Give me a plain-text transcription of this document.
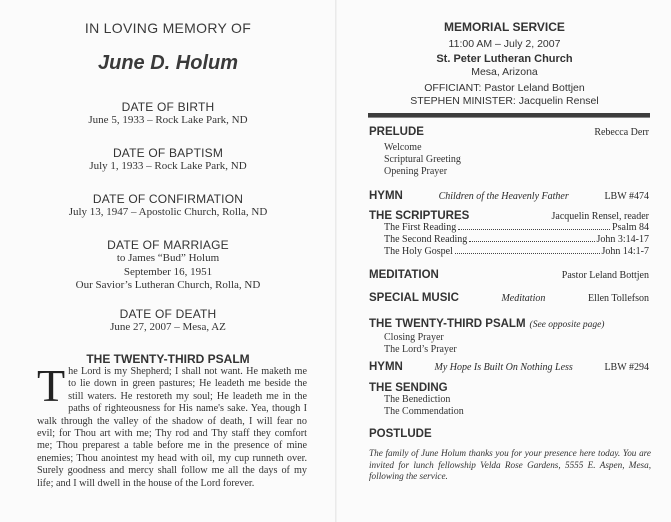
IN LOVING MEMORY OF
June D. Holum
DATE OF BIRTH
June 5, 1933 – Rock Lake Park, ND
DATE OF BAPTISM
July 1, 1933 – Rock Lake Park, ND
DATE OF CONFIRMATION
July 13, 1947 – Apostolic Church, Rolla, ND
DATE OF MARRIAGE
to James “Bud” Holum
September 16, 1951
Our Savior’s Lutheran Church, Rolla, ND
DATE OF DEATH
June 27, 2007 – Mesa, AZ
THE TWENTY-THIRD PSALM
The Lord is my Shepherd; I shall not want. He maketh me to lie down in green pastures; He leadeth me beside the still waters. He restoreth my soul; He leadeth me in the paths of righteousness for His name's sake. Yea, though I walk through the valley of the shadow of death, I will fear no evil; for Thou art with me; Thy rod and Thy staff they comfort me; Thou preparest a table before me in the presence of mine enemies; Thou anointest my head with oil, my cup runneth over. Surely goodness and mercy shall follow me all the days of my life; and I will dwell in the house of the Lord forever.
MEMORIAL SERVICE
11:00 AM – July 2, 2007
St. Peter Lutheran Church
Mesa, Arizona
OFFICIANT: Pastor Leland Bottjen
STEPHEN MINISTER: Jacquelin Rensel
PRELUDE	Rebecca Derr
Welcome
Scriptural Greeting
Opening Prayer
HYMN	Children of the Heavenly Father	LBW #474
THE SCRIPTURES	Jacquelin Rensel, reader
The First Reading	Psalm 84
The Second Reading	John 3:14-17
The Holy Gospel	John 14:1-7
MEDITATION	Pastor Leland Bottjen
SPECIAL MUSIC	Meditation	Ellen Tollefson
THE TWENTY-THIRD PSALM (See opposite page)
Closing Prayer
The Lord’s Prayer
HYMN	My Hope Is Built On Nothing Less	LBW #294
THE SENDING
The Benediction
The Commendation
POSTLUDE
The family of June Holum thanks you for your presence here today. You are invited for lunch fellowship Velda Rose Gardens, 5555 E. Aspen, Mesa, following the service.
